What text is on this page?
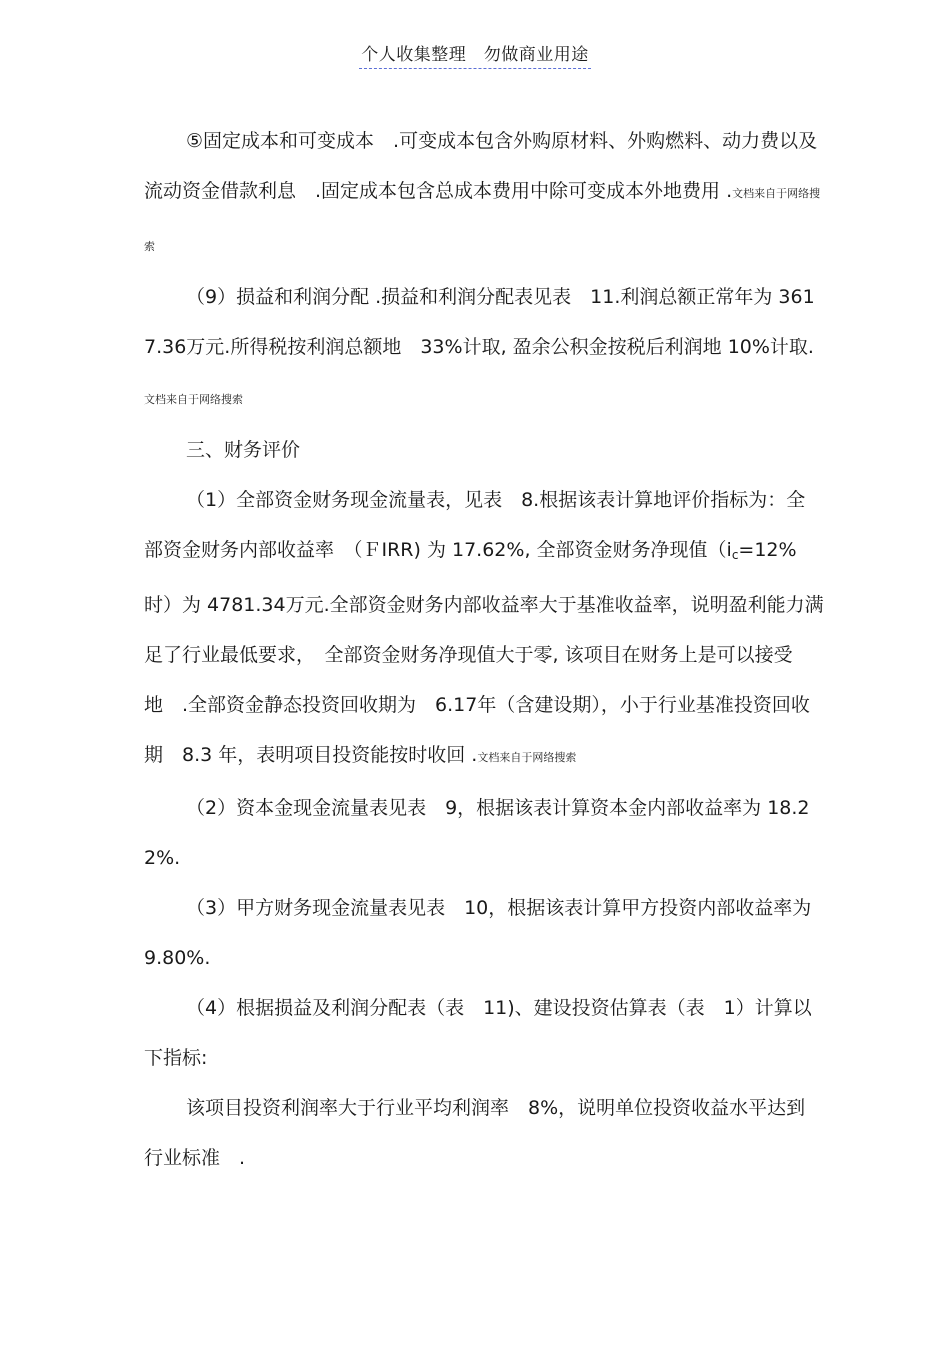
个人收集整理　勿做商业用途

⑤固定成本和可变成本　.可变成本包含外购原材料、外购燃料、动力费以及流动资金借款利息　.固定成本包含总成本费用中除可变成本外地费用 .文档来自于网络搜索

（9）损益和利润分配 .损益和利润分配表见表　11.利润总额正常年为 3617.36万元.所得税按利润总额地　33%计取, 盈余公积金按税后利润地 10%计取.文档来自于网络搜索

三、财务评价

（1）全部资金财务现金流量表，见表　8.根据该表计算地评价指标为：全部资金财务内部收益率　（ＦIRR) 为 17.62%, 全部资金财务净现值（$i_c=12\%$时）为 4781.34万元.全部资金财务内部收益率大于基准收益率，说明盈利能力满足了行业最低要求，　全部资金财务净现值大于零, 该项目在财务上是可以接受地　.全部资金静态投资回收期为　6.17年（含建设期），小于行业基准投资回收期　8.3 年，表明项目投资能按时收回 .文档来自于网络搜索

（2）资本金现金流量表见表　9，根据该表计算资本金内部收益率为 18.22%.

（3）甲方财务现金流量表见表　10，根据该表计算甲方投资内部收益率为 9.80%.

（4）根据损益及利润分配表（表　11)、建设投资估算表（表　1）计算以下指标:

该项目投资利润率大于行业平均利润率　8%，说明单位投资收益水平达到行业标准　.
